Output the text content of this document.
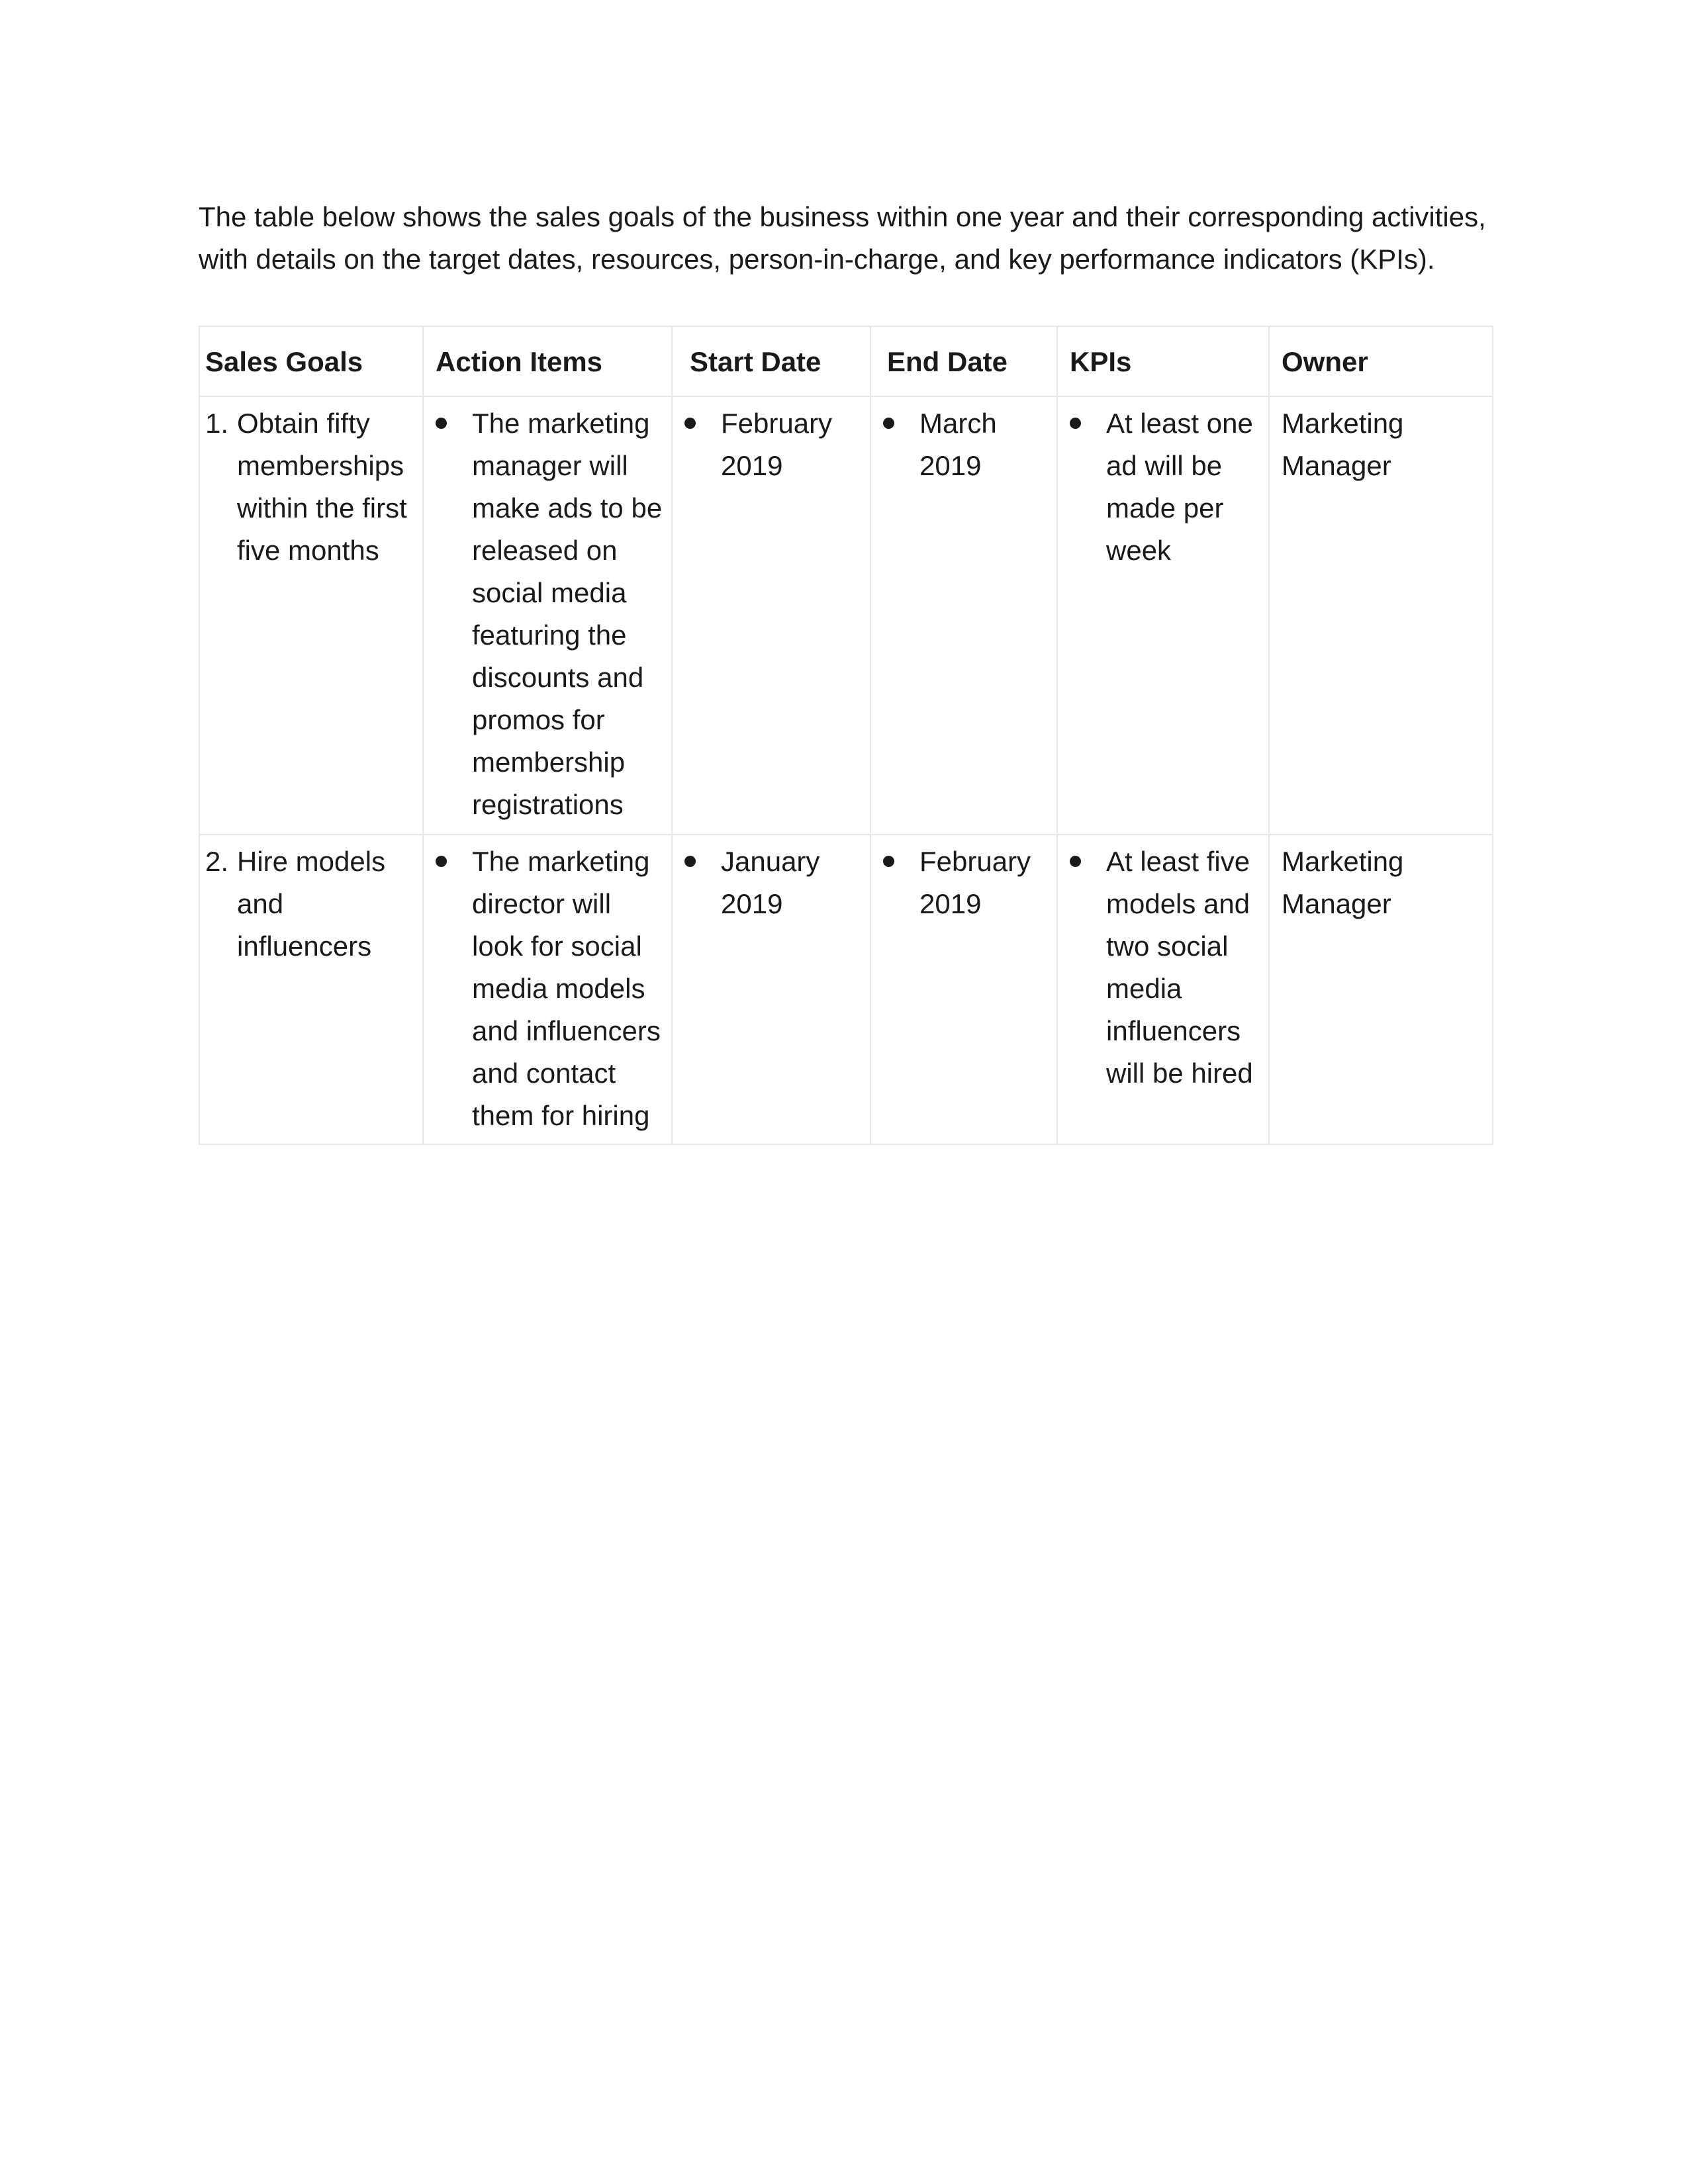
The table below shows the sales goals of the business within one year and their corresponding activities,
with details on the target dates, resources, person-in-charge, and key performance indicators (KPIs).

Sales Goals	Action Items	Start Date	End Date	KPIs	Owner

1. Obtain fifty memberships within the first five months	The marketing manager will make ads to be released on social media featuring the discounts and promos for membership registrations	February 2019	March 2019	At least one ad will be made per week	Marketing Manager

2. Hire models and influencers	The marketing director will look for social media models and influencers and contact them for hiring	January 2019	February 2019	At least five models and two social media influencers will be hired	Marketing Manager
